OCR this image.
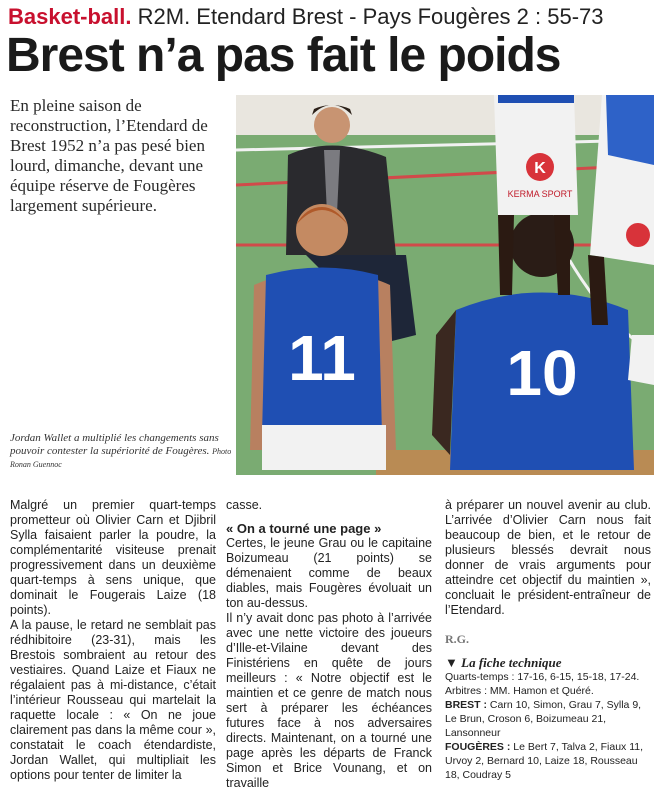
Basket-ball. R2M. Etendard Brest - Pays Fougères 2 : 55-73
Brest n’a pas fait le poids
En pleine saison de reconstruction, l’Etendard de Brest 1952 n’a pas pesé bien lourd, dimanche, devant une équipe réserve de Fougères largement supérieure.
Jordan Wallet a multiplié les changements sans pouvoir contester la supériorité de Fougères. Photo Ronan Guennoc
11 10
K
KERMA SPORT

Malgré un premier quart-temps prometteur où Olivier Carn et Djibril Sylla faisaient parler la poudre, la complémentarité visiteuse prenait progressivement dans un deuxième quart-temps à sens unique, que dominait le Fougerais Laize (18 points).

A la pause, le retard ne semblait pas rédhibitoire (23-31), mais les Brestois sombraient au retour des vestiaires. Quand Laize et Fiaux ne régalaient pas à mi-distance, c’était l’intérieur Rousseau qui martelait la raquette locale : « On ne joue clairement pas dans la même cour », constatait le coach étendardiste, Jordan Wallet, qui multipliait les options pour tenter de limiter la

casse.

« On a tourné une page »

Certes, le jeune Grau ou le capitaine Boizumeau (21 points) se démenaient comme de beaux diables, mais Fougères évoluait un ton au-dessus.

Il n’y avait donc pas photo à l’arrivée avec une nette victoire des joueurs d’Ille-et-Vilaine devant des Finistériens en quête de jours meilleurs : « Notre objectif est le maintien et ce genre de match nous sert à préparer les échéances futures face à nos adversaires directs. Maintenant, on a tourné une page après les départs de Franck Simon et Brice Vounang, et on travaille

à préparer un nouvel avenir au club. L’arrivée d’Olivier Carn nous fait beaucoup de bien, et le retour de plusieurs blessés devrait nous donner de vrais arguments pour atteindre cet objectif du maintien », concluait le président-entraîneur de l’Etendard.

R.G.

▼ La fiche technique

Quarts-temps : 17-16, 6-15, 15-18, 17-24.

Arbitres : MM. Hamon et Quéré.

BREST : Carn 10, Simon, Grau 7, Sylla 9, Le Brun, Croson 6, Boizumeau 21, Lansonneur

FOUGÈRES : Le Bert 7, Talva 2, Fiaux 11, Urvoy 2, Bernard 10, Laize 18, Rousseau 18, Coudray 5
